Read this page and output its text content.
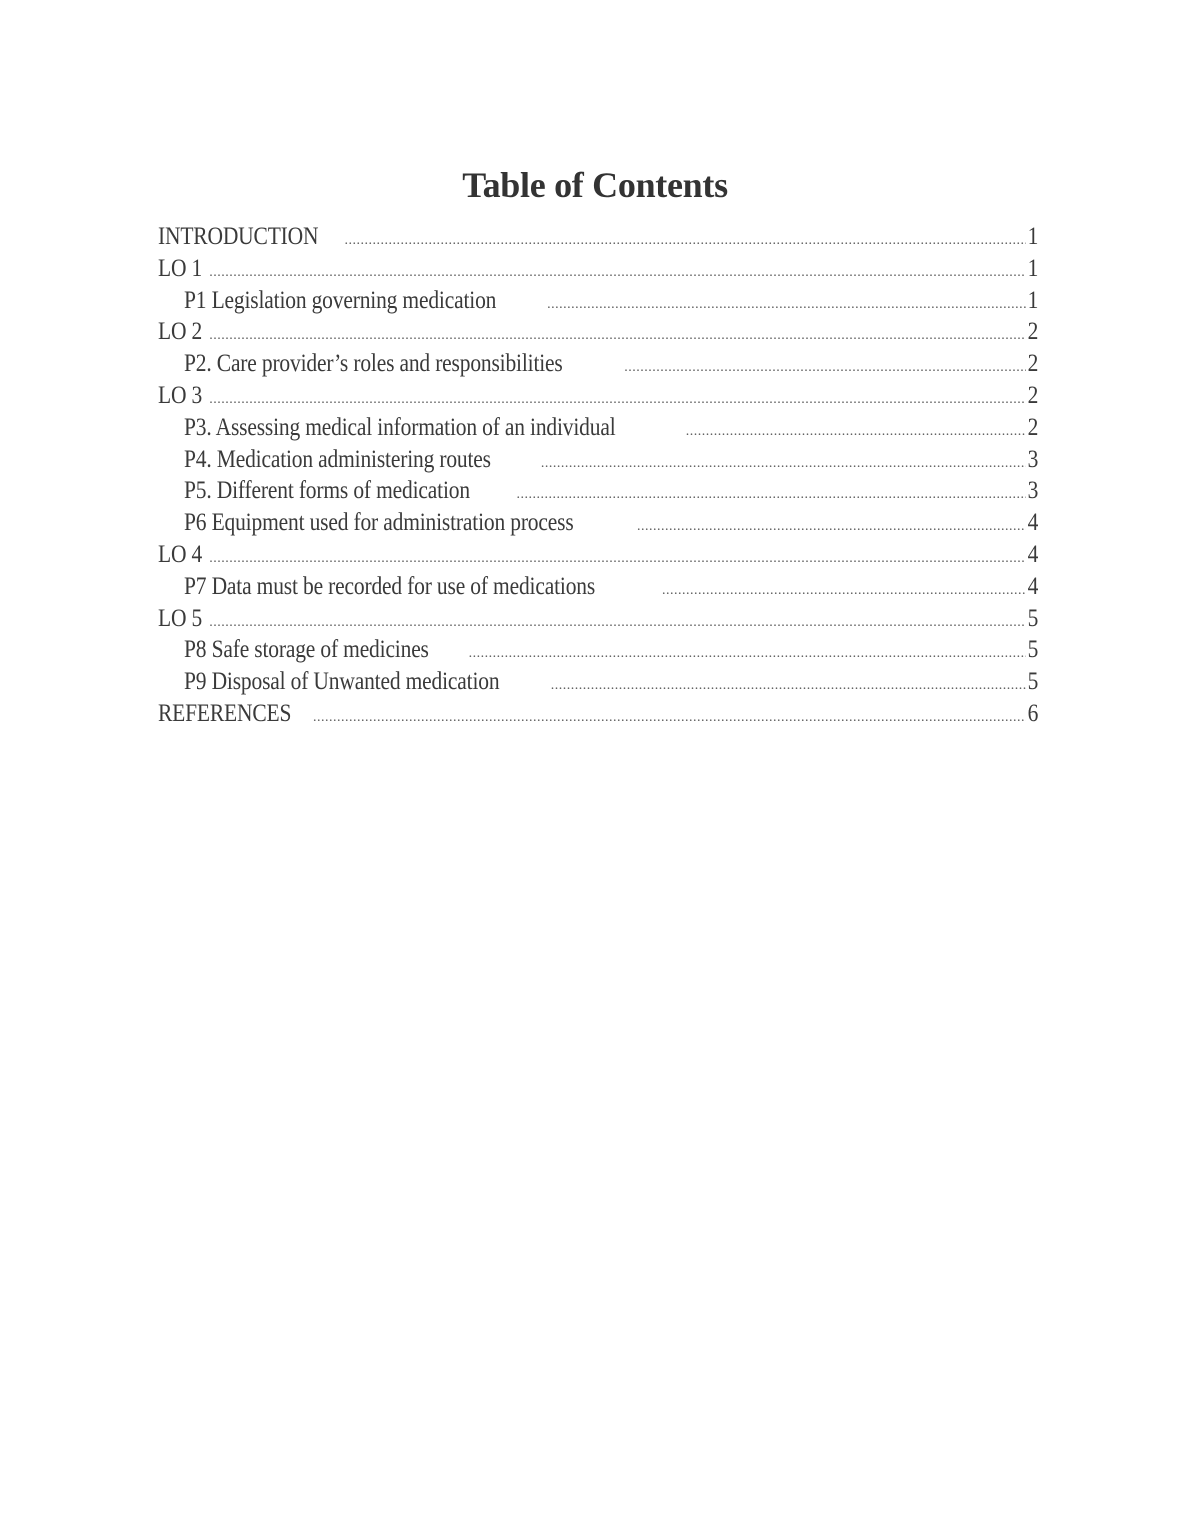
Table of Contents
INTRODUCTION .....	1
LO 1 .....	1
P1 Legislation governing medication .....	1
LO 2 .....	2
P2. Care provider’s roles and responsibilities .....	2
LO 3 .....	2
P3. Assessing medical information of an individual .....	2
P4. Medication administering routes .....	3
P5. Different forms of medication .....	3
P6 Equipment used for administration process .....	4
LO 4 .....	4
P7 Data must be recorded for use of medications .....	4
LO 5 .....	5
P8 Safe storage of medicines .....	5
P9 Disposal of Unwanted medication .....	5
REFERENCES .....	6
